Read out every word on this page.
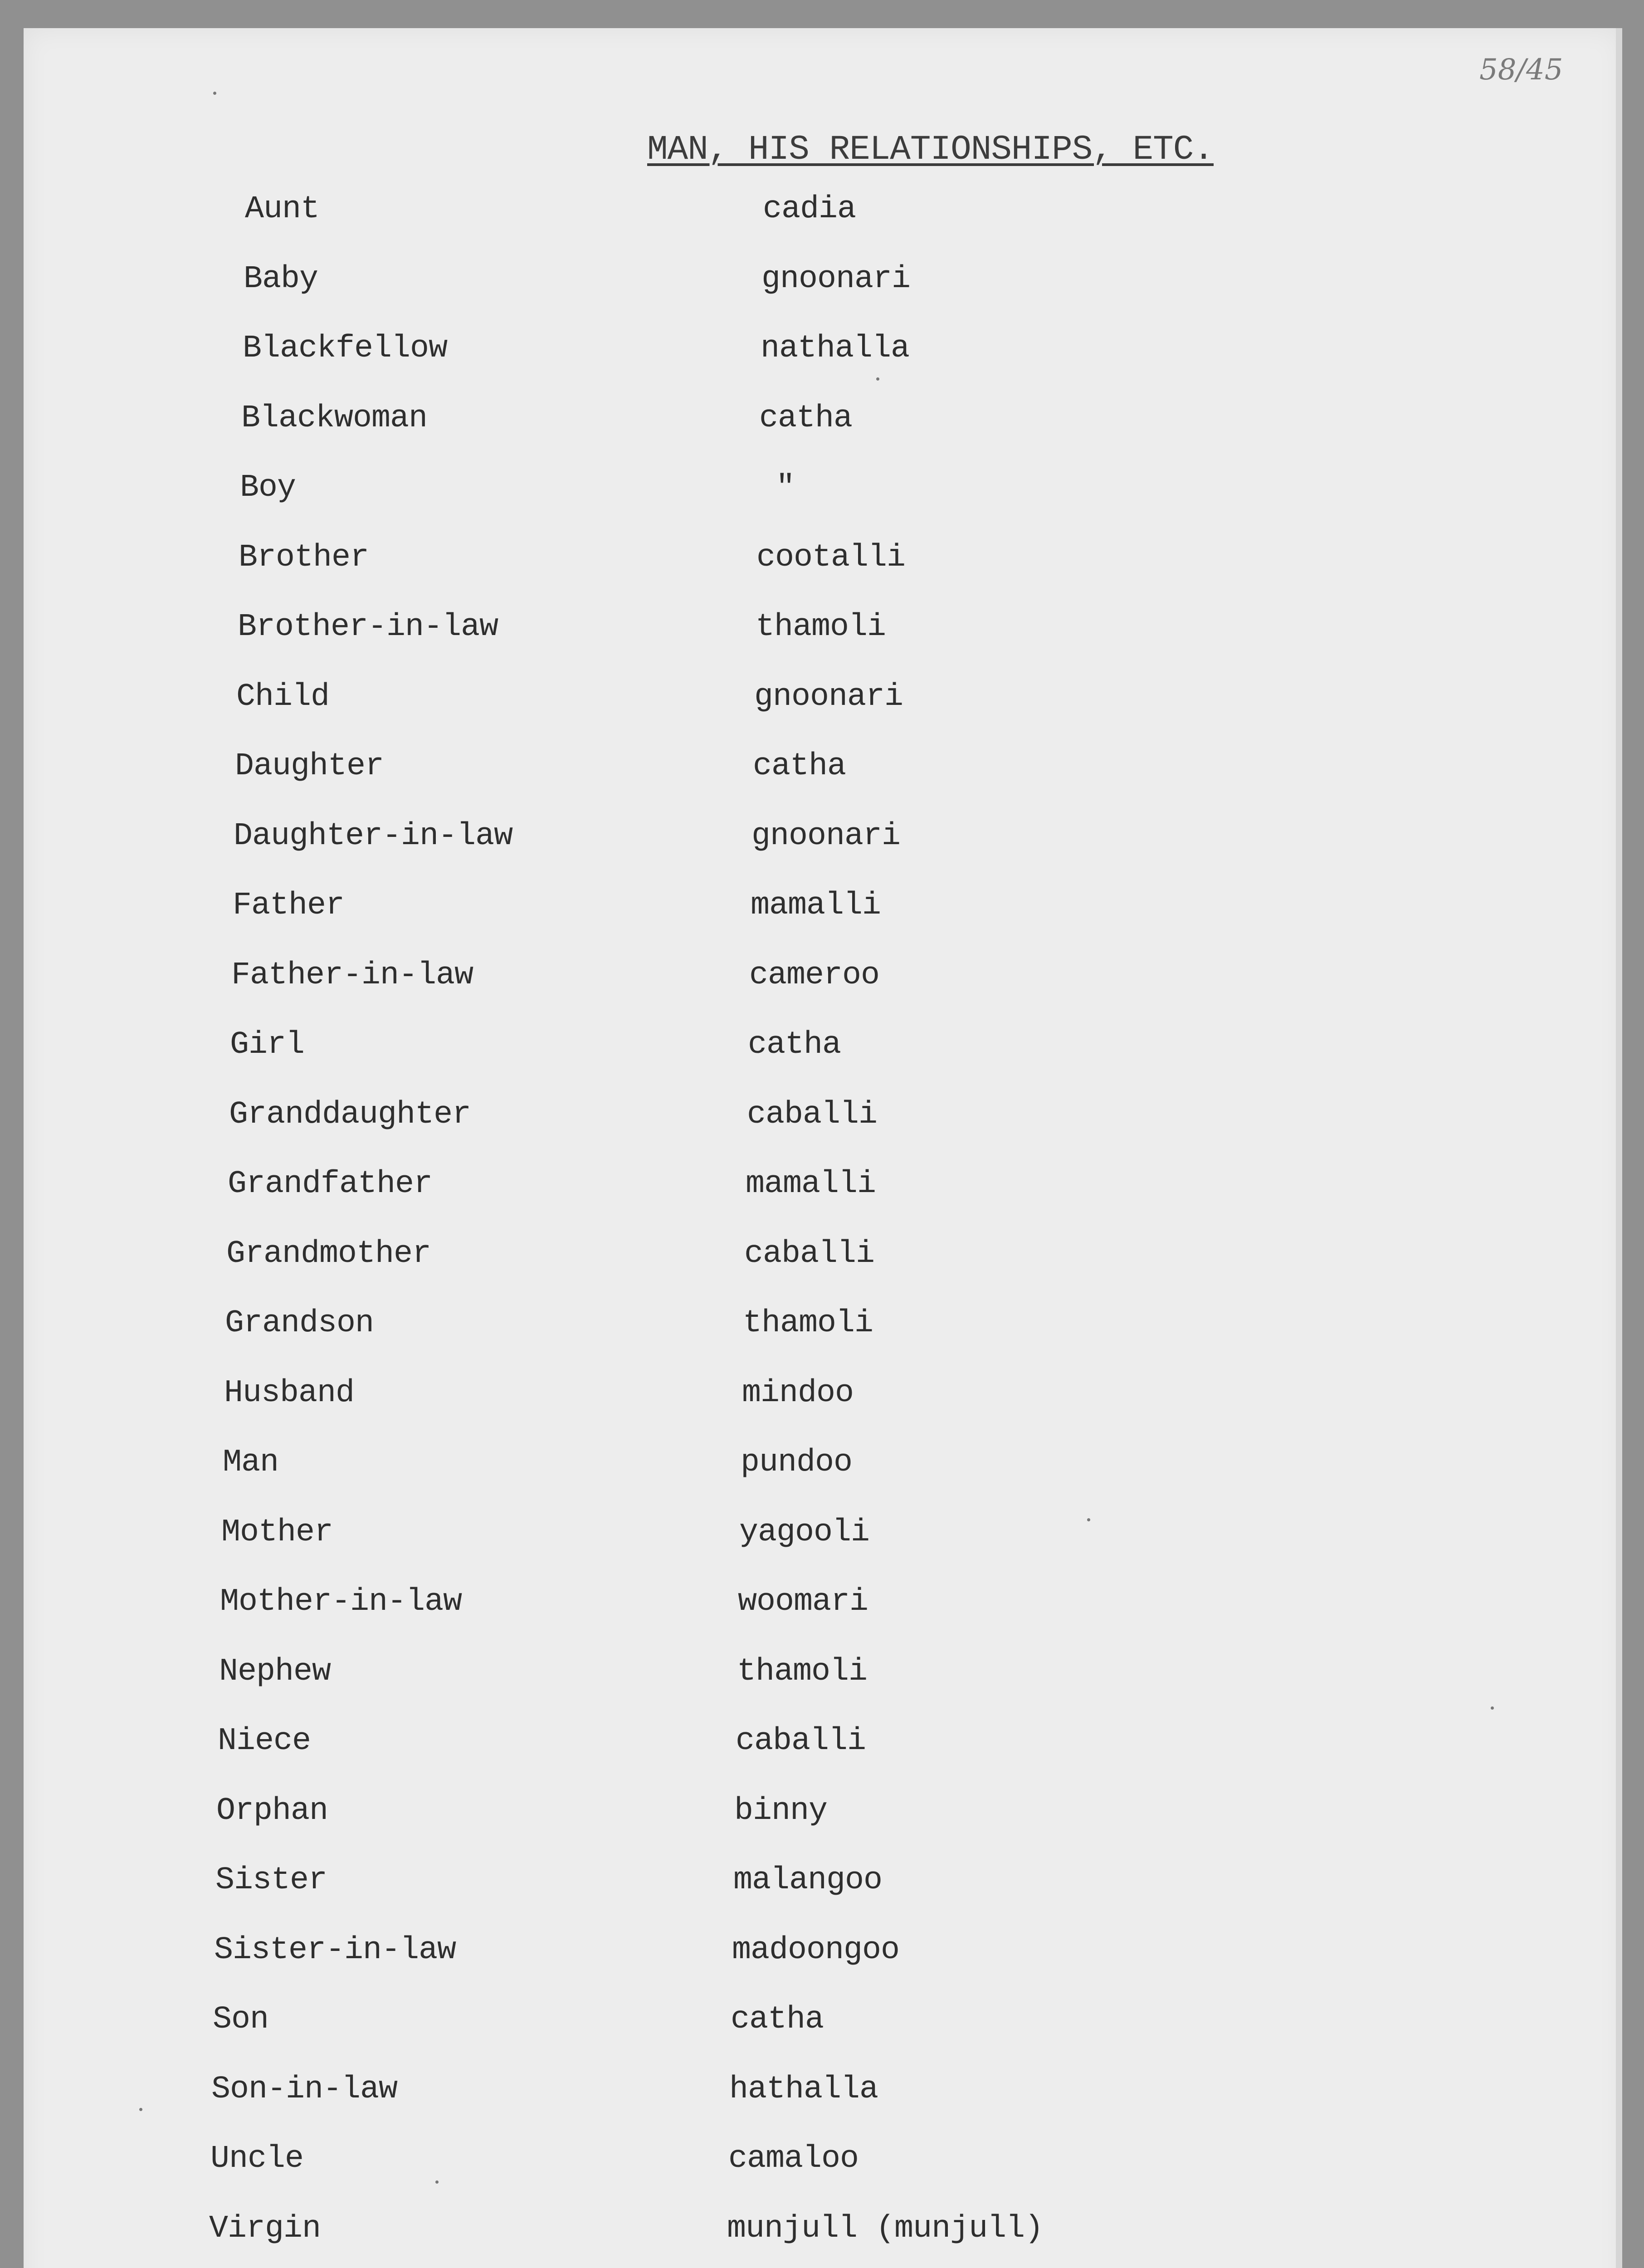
58/45
MAN, HIS RELATIONSHIPS, ETC.
Aunt	cadia
Baby	gnoonari
Blackfellow	nathalla
Blackwoman	catha
Boy	"
Brother	cootalli
Brother-in-law	thamoli
Child	gnoonari
Daughter	catha
Daughter-in-law	gnoonari
Father	mamalli
Father-in-law	cameroo
Girl	catha
Granddaughter	caballi
Grandfather	mamalli
Grandmother	caballi
Grandson	thamoli
Husband	mindoo
Man	pundoo
Mother	yagooli
Mother-in-law	woomari
Nephew	thamoli
Niece	caballi
Orphan	binny
Sister	malangoo
Sister-in-law	madoongoo
Son	catha
Son-in-law	hathalla
Uncle	camaloo
Virgin	munjull (munjull)
